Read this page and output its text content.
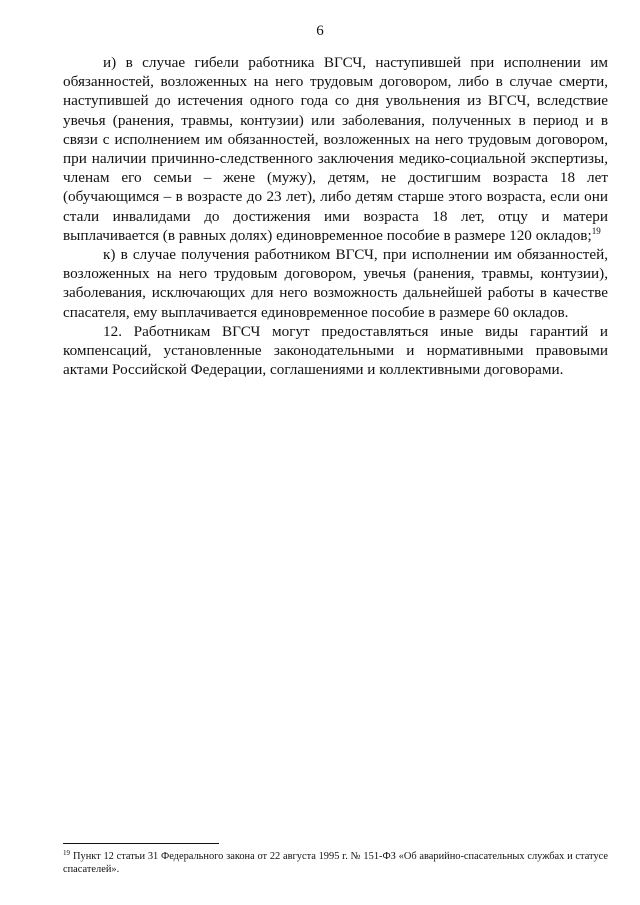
6

и) в случае гибели работника ВГСЧ, наступившей при исполнении им обязанностей, возложенных на него трудовым договором, либо в случае смерти, наступившей до истечения одного года со дня увольнения из ВГСЧ, вследствие увечья (ранения, травмы, контузии) или заболевания, полученных в период и в связи с исполнением им обязанностей, возложенных на него трудовым договором, при наличии причинно-следственного заключения медико-социальной экспертизы, членам его семьи – жене (мужу), детям, не достигшим возраста 18 лет (обучающимся – в возрасте до 23 лет), либо детям старше этого возраста, если они стали инвалидами до достижения ими возраста 18 лет, отцу и матери выплачивается (в равных долях) единовременное пособие в размере 120 окладов;$^{19}$

к) в случае получения работником ВГСЧ, при исполнении им обязанностей, возложенных на него трудовым договором, увечья (ранения, травмы, контузии), заболевания, исключающих для него возможность дальнейшей работы в качестве спасателя, ему выплачивается единовременное пособие в размере 60 окладов.

12. Работникам ВГСЧ могут предоставляться иные виды гарантий и компенсаций, установленные законодательными и нормативными правовыми актами Российской Федерации, соглашениями и коллективными договорами.

$^{19}$ Пункт 12 статьи 31 Федерального закона от 22 августа 1995 г. № 151-ФЗ «Об аварийно-спасательных службах и статусе спасателей».
